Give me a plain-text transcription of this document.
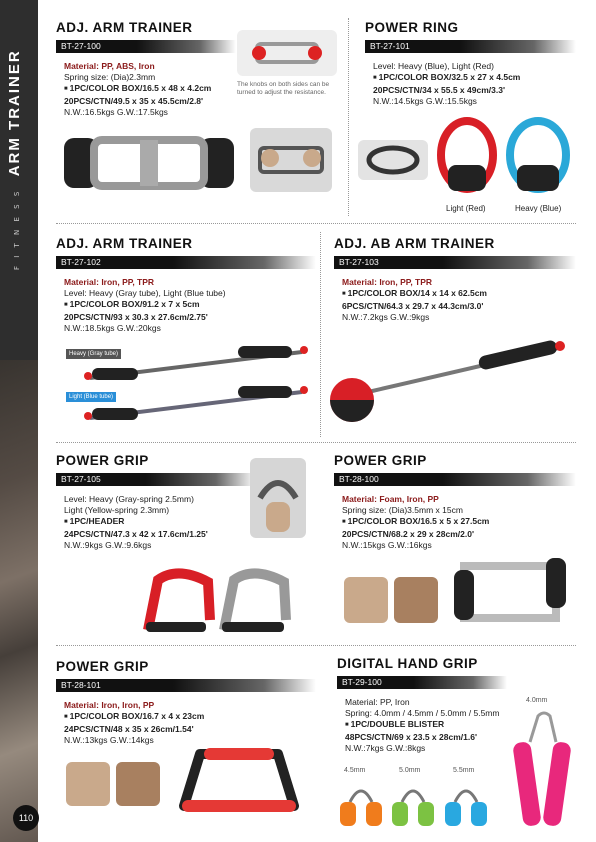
F I T N E S S ARM TRAINER
110
ADJ. ARM TRAINER
BT-27-100
Material: PP, ABS, Iron
Spring size: (Dia)2.3mm
■ 1PC/COLOR BOX/16.5 x 48 x 4.2cm
20PCS/CTN/49.5 x 35 x 45.5cm/2.8'
N.W.:16.5kgs G.W.:17.5kgs
The knobs on both sides can be turned to adjust the resistance.
POWER RING
BT-27-101
Level: Heavy (Blue), Light (Red)
■ 1PC/COLOR BOX/32.5 x 27 x 4.5cm
20PCS/CTN/34 x 55.5 x 49cm/3.3'
N.W.:14.5kgs G.W.:15.5kgs
Light (Red)	Heavy (Blue)
ADJ. ARM TRAINER
BT-27-102
Material: Iron, PP, TPR
Level: Heavy (Gray tube), Light (Blue tube)
■ 1PC/COLOR BOX/91.2 x 7 x 5cm
20PCS/CTN/93 x 30.3 x 27.6cm/2.75'
N.W.:18.5kgs G.W.:20kgs
Heavy (Gray tube)
Light (Blue tube)
ADJ. AB ARM TRAINER
BT-27-103
Material: Iron, PP, TPR
■ 1PC/COLOR BOX/14 x 14 x 62.5cm
6PCS/CTN/64.3 x 29.7 x 44.3cm/3.0'
N.W.:7.2kgs G.W.:9kgs
POWER GRIP
BT-27-105
Level: Heavy (Gray-spring 2.5mm)
Light (Yellow-spring 2.3mm)
■ 1PC/HEADER
24PCS/CTN/47.3 x 42 x 17.6cm/1.25'
N.W.:9kgs G.W.:9.6kgs
POWER GRIP
BT-28-100
Material: Foam, Iron, PP
Spring size: (Dia)3.5mm x 15cm
■ 1PC/COLOR BOX/16.5 x 5 x 27.5cm
20PCS/CTN/68.2 x 29 x 28cm/2.0'
N.W.:15kgs G.W.:16kgs
POWER GRIP
BT-28-101
Material: Iron, Iron, PP
■ 1PC/COLOR BOX/16.7 x 4 x 23cm
24PCS/CTN/48 x 35 x 26cm/1.54'
N.W.:13kgs G.W.:14kgs
DIGITAL HAND GRIP
BT-29-100
Material: PP, Iron
Spring: 4.0mm / 4.5mm / 5.0mm / 5.5mm
■ 1PC/DOUBLE BLISTER
48PCS/CTN/69 x 23.5 x 28cm/1.6'
N.W.:7kgs G.W.:8kgs
4.0mm
4.5mm	5.0mm	5.5mm
